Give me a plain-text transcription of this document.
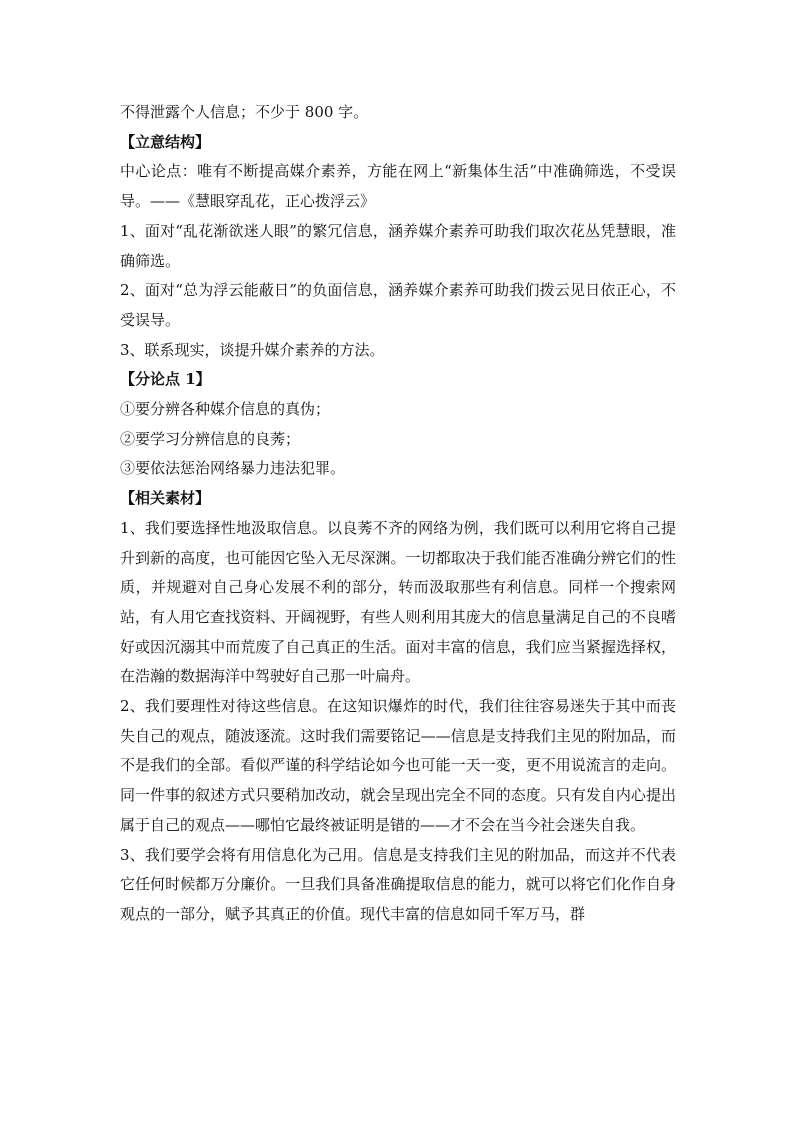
不得泄露个人信息；不少于 800 字。

【立意结构】

中心论点：唯有不断提高媒介素养，方能在网上“新集体生活”中准确筛选，不受误导。——《慧眼穿乱花，正心拨浮云》

1、面对“乱花渐欲迷人眼”的繁冗信息，涵养媒介素养可助我们取次花丛凭慧眼，准确筛选。

2、面对“总为浮云能蔽日”的负面信息，涵养媒介素养可助我们拨云见日依正心，不受误导。

3、联系现实，谈提升媒介素养的方法。

【分论点 1】

①要分辨各种媒介信息的真伪；

②要学习分辨信息的良莠；

③要依法惩治网络暴力违法犯罪。

【相关素材】

1、我们要选择性地汲取信息。以良莠不齐的网络为例，我们既可以利用它将自己提升到新的高度，也可能因它坠入无尽深渊。一切都取决于我们能否准确分辨它们的性质，并规避对自己身心发展不利的部分，转而汲取那些有利信息。同样一个搜索网站，有人用它查找资料、开阔视野，有些人则利用其庞大的信息量满足自己的不良嗜好或因沉溺其中而荒废了自己真正的生活。面对丰富的信息，我们应当紧握选择权，在浩瀚的数据海洋中驾驶好自己那一叶扁舟。

2、我们要理性对待这些信息。在这知识爆炸的时代，我们往往容易迷失于其中而丧失自己的观点，随波逐流。这时我们需要铭记——信息是支持我们主见的附加品，而不是我们的全部。看似严谨的科学结论如今也可能一天一变，更不用说流言的走向。同一件事的叙述方式只要稍加改动，就会呈现出完全不同的态度。只有发自内心提出属于自己的观点——哪怕它最终被证明是错的——才不会在当今社会迷失自我。

3、我们要学会将有用信息化为己用。信息是支持我们主见的附加品，而这并不代表它任何时候都万分廉价。一旦我们具备准确提取信息的能力，就可以将它们化作自身观点的一部分，赋予其真正的价值。现代丰富的信息如同千军万马，群
